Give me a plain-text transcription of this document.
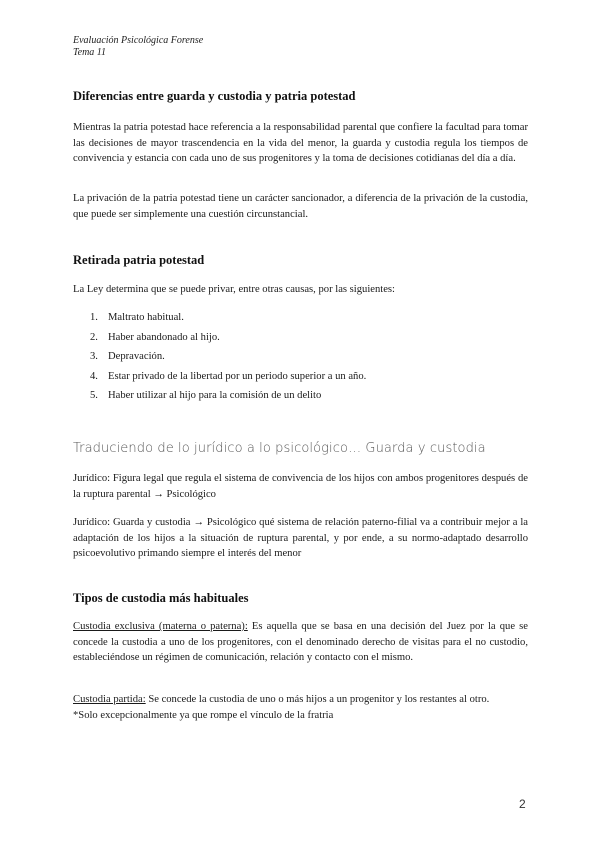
Evaluación Psicológica Forense
Tema 11
Diferencias entre guarda y custodia y patria potestad

Mientras la patria potestad hace referencia a la responsabilidad parental que confiere la facultad para tomar las decisiones de mayor trascendencia en la vida del menor, la guarda y custodia regula los tiempos de convivencia y estancia con cada uno de sus progenitores y la toma de decisiones cotidianas del día a día.

La privación de la patria potestad tiene un carácter sancionador, a diferencia de la privación de la custodia, que puede ser simplemente una cuestión circunstancial.

Retirada patria potestad

La Ley determina que se puede privar, entre otras causas, por las siguientes:

1. Maltrato habitual.
2. Haber abandonado al hijo.
3. Depravación.
4. Estar privado de la libertad por un periodo superior a un año.
5. Haber utilizar al hijo para la comisión de un delito
Traduciendo de lo jurídico a lo psicológico… Guarda y custodia

Jurídico: Figura legal que regula el sistema de convivencia de los hijos con ambos progenitores después de la ruptura parental → Psicológico

Jurídico: Guarda y custodia → Psicológico qué sistema de relación paterno-filial va a contribuir mejor a la adaptación de los hijos a la situación de ruptura parental, y por ende, a su normo-adaptado desarrollo psicoevolutivo primando siempre el interés del menor

Tipos de custodia más habituales

Custodia exclusiva (materna o paterna): Es aquella que se basa en una decisión del Juez por la que se concede la custodia a uno de los progenitores, con el denominado derecho de visitas para el no custodio, estableciéndose un régimen de comunicación, relación y contacto con el mismo.

Custodia partida: Se concede la custodia de uno o más hijos a un progenitor y los restantes al otro.

*Solo excepcionalmente ya que rompe el vínculo de la fratria

2
